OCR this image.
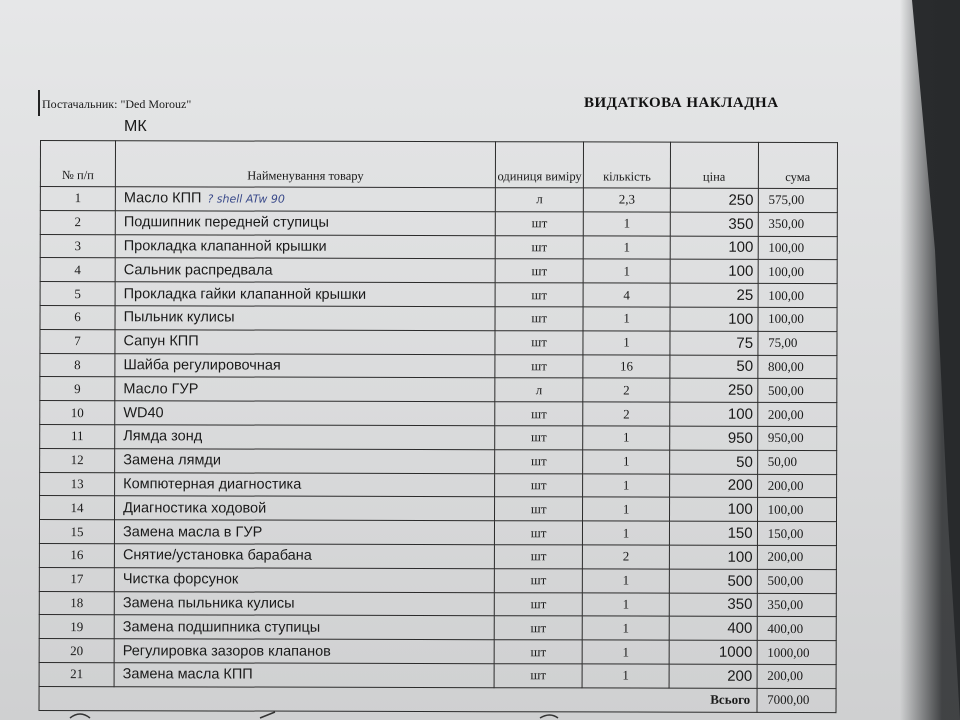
Постачальник: "Ded Morouz"
МК
ВИДАТКОВА НАКЛАДНА
№ п/п	Найменування товару	одиниця виміру	кількість	ціна	сума
1	Масло КПП ? shell ATw 90	л	2,3	250	575,00
2	Подшипник передней ступицы	шт	1	350	350,00
3	Прокладка клапанной крышки	шт	1	100	100,00
4	Сальник распредвала	шт	1	100	100,00
5	Прокладка гайки клапанной крышки	шт	4	25	100,00
6	Пыльник кулисы	шт	1	100	100,00
7	Сапун КПП	шт	1	75	75,00
8	Шайба регулировочная	шт	16	50	800,00
9	Масло ГУР	л	2	250	500,00
10	WD40	шт	2	100	200,00
11	Лямда зонд	шт	1	950	950,00
12	Замена лямди	шт	1	50	50,00
13	Компютерная диагностика	шт	1	200	200,00
14	Диагностика ходовой	шт	1	100	100,00
15	Замена масла в ГУР	шт	1	150	150,00
16	Снятие/установка барабана	шт	2	100	200,00
17	Чистка форсунок	шт	1	500	500,00
18	Замена пыльника кулисы	шт	1	350	350,00
19	Замена подшипника ступицы	шт	1	400	400,00
20	Регулировка зазоров клапанов	шт	1	1000	1000,00
21	Замена масла КПП	шт	1	200	200,00
Всього					7000,00
